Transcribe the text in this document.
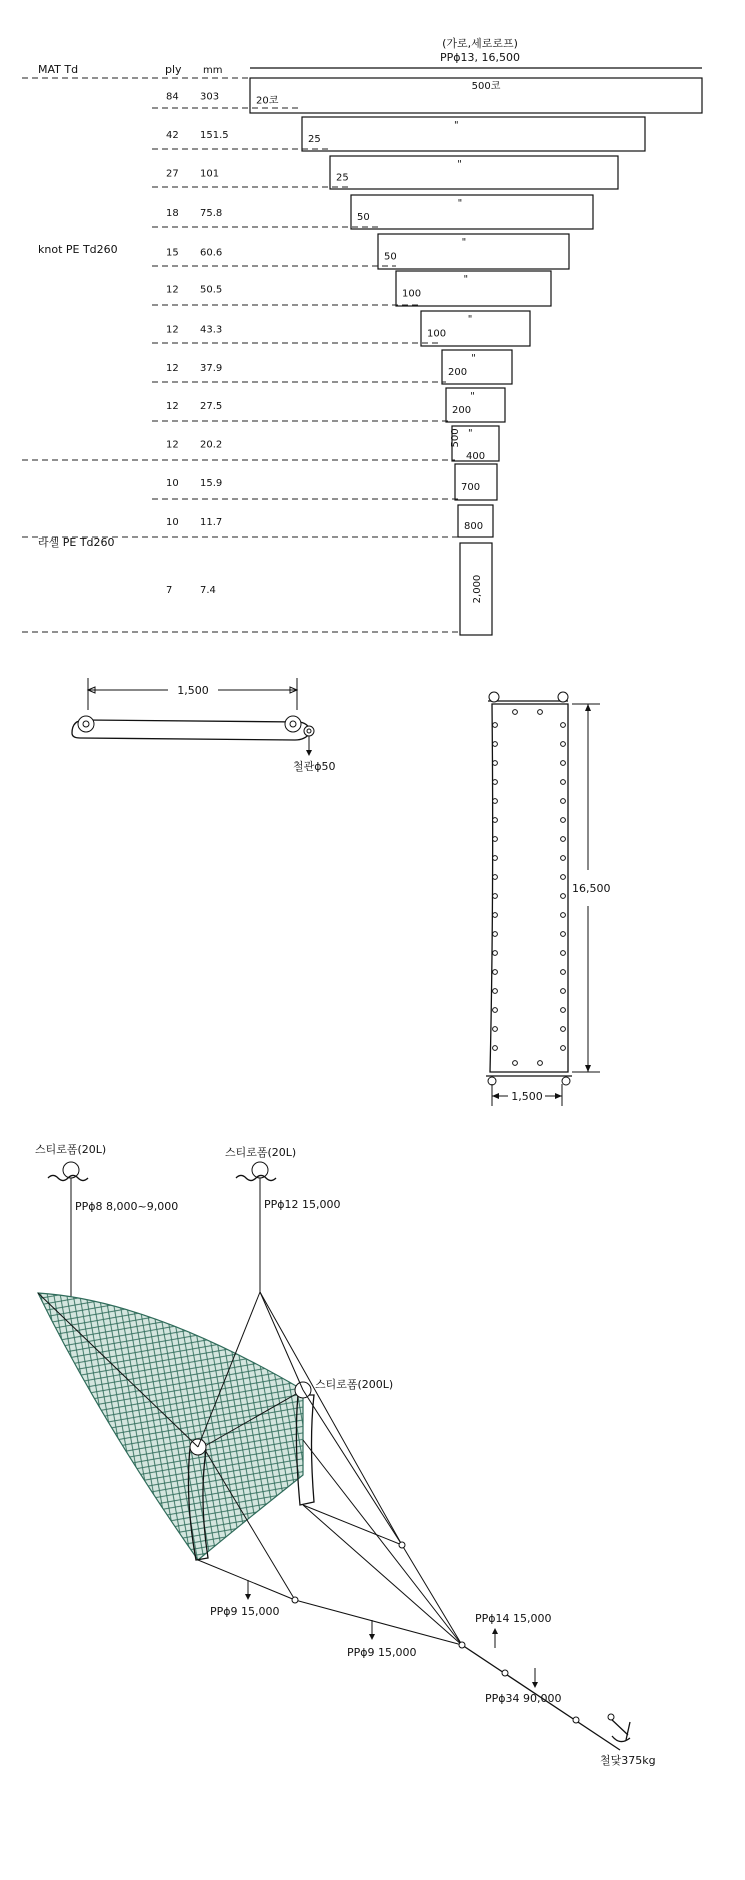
(가로,세로로프)
PPϕ13, 16,500
MAT Td	ply mm
knot PE Td260
라셀 PE Td260
84 303	20코
500코
42 151.5	25
"
27 101	25
"
18 75.8	50
"
15 60.6	50
"
12 50.5	100
"
12 43.3	100
"
12 37.9	200
"
12 27.5	200
"
12 20.2	500
400
"
10 15.9	700
10 11.7	800
7	7.4	2,000
1,500
철관ϕ50
16,500
1,500
스티로폼(20L)
PPϕ8 8,000~9,000
스티로폼(20L)
PPϕ12 15,000
스티로폼(200L)
PPϕ9 15,000
PPϕ9 15,000
PPϕ14 15,000
PPϕ34 90,000
철닻375kg
